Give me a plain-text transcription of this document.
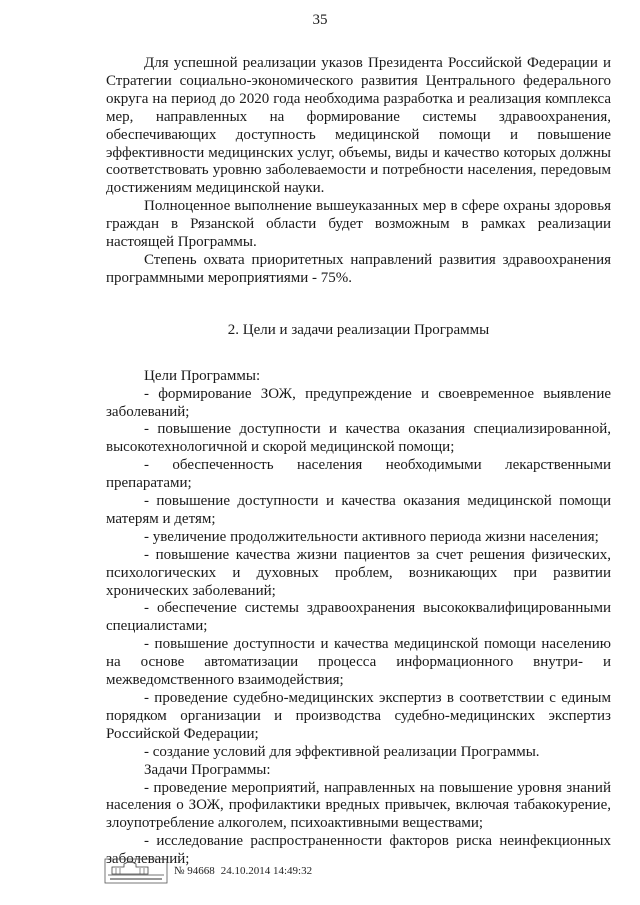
35

Для успешной реализации указов Президента Российской Федерации и Стратегии социально-экономического развития Центрального федерального округа на период до 2020 года необходима разработка и реализация комплекса мер, направленных на формирование системы здравоохранения, обеспечивающих доступность медицинской помощи и повышение эффективности медицинских услуг, объемы, виды и качество которых должны соответствовать уровню заболеваемости и потребности населения, передовым достижениям медицинской науки.

Полноценное выполнение вышеуказанных мер в сфере охраны здоровья граждан в Рязанской области будет возможным в рамках реализации настоящей Программы.

Степень охвата приоритетных направлений развития здравоохранения программными мероприятиями - 75%.

2. Цели и задачи реализации Программы

Цели Программы:

- формирование ЗОЖ, предупреждение и своевременное выявление заболеваний;

- повышение доступности и качества оказания специализированной, высокотехнологичной и скорой медицинской помощи;

- обеспеченность населения необходимыми лекарственными препаратами;

- повышение доступности и качества оказания медицинской помощи матерям и детям;

- увеличение продолжительности активного периода жизни населения;

- повышение качества жизни пациентов за счет решения физических, психологических и духовных проблем, возникающих при развитии хронических заболеваний;

- обеспечение системы здравоохранения высококвалифицированными специалистами;

- повышение доступности и качества медицинской помощи населению на основе автоматизации процесса информационного внутри- и межведомственного взаимодействия;

- проведение судебно-медицинских экспертиз в соответствии с единым порядком организации и производства судебно-медицинских экспертиз Российской Федерации;

- создание условий для эффективной реализации Программы.

Задачи Программы:

- проведение мероприятий, направленных на повышение уровня знаний населения о ЗОЖ, профилактики вредных привычек, включая табакокурение, злоупотребление алкоголем, психоактивными веществами;

- исследование распространенности факторов риска неинфекционных заболеваний;

№ 94668 24.10.2014 14:49:32
